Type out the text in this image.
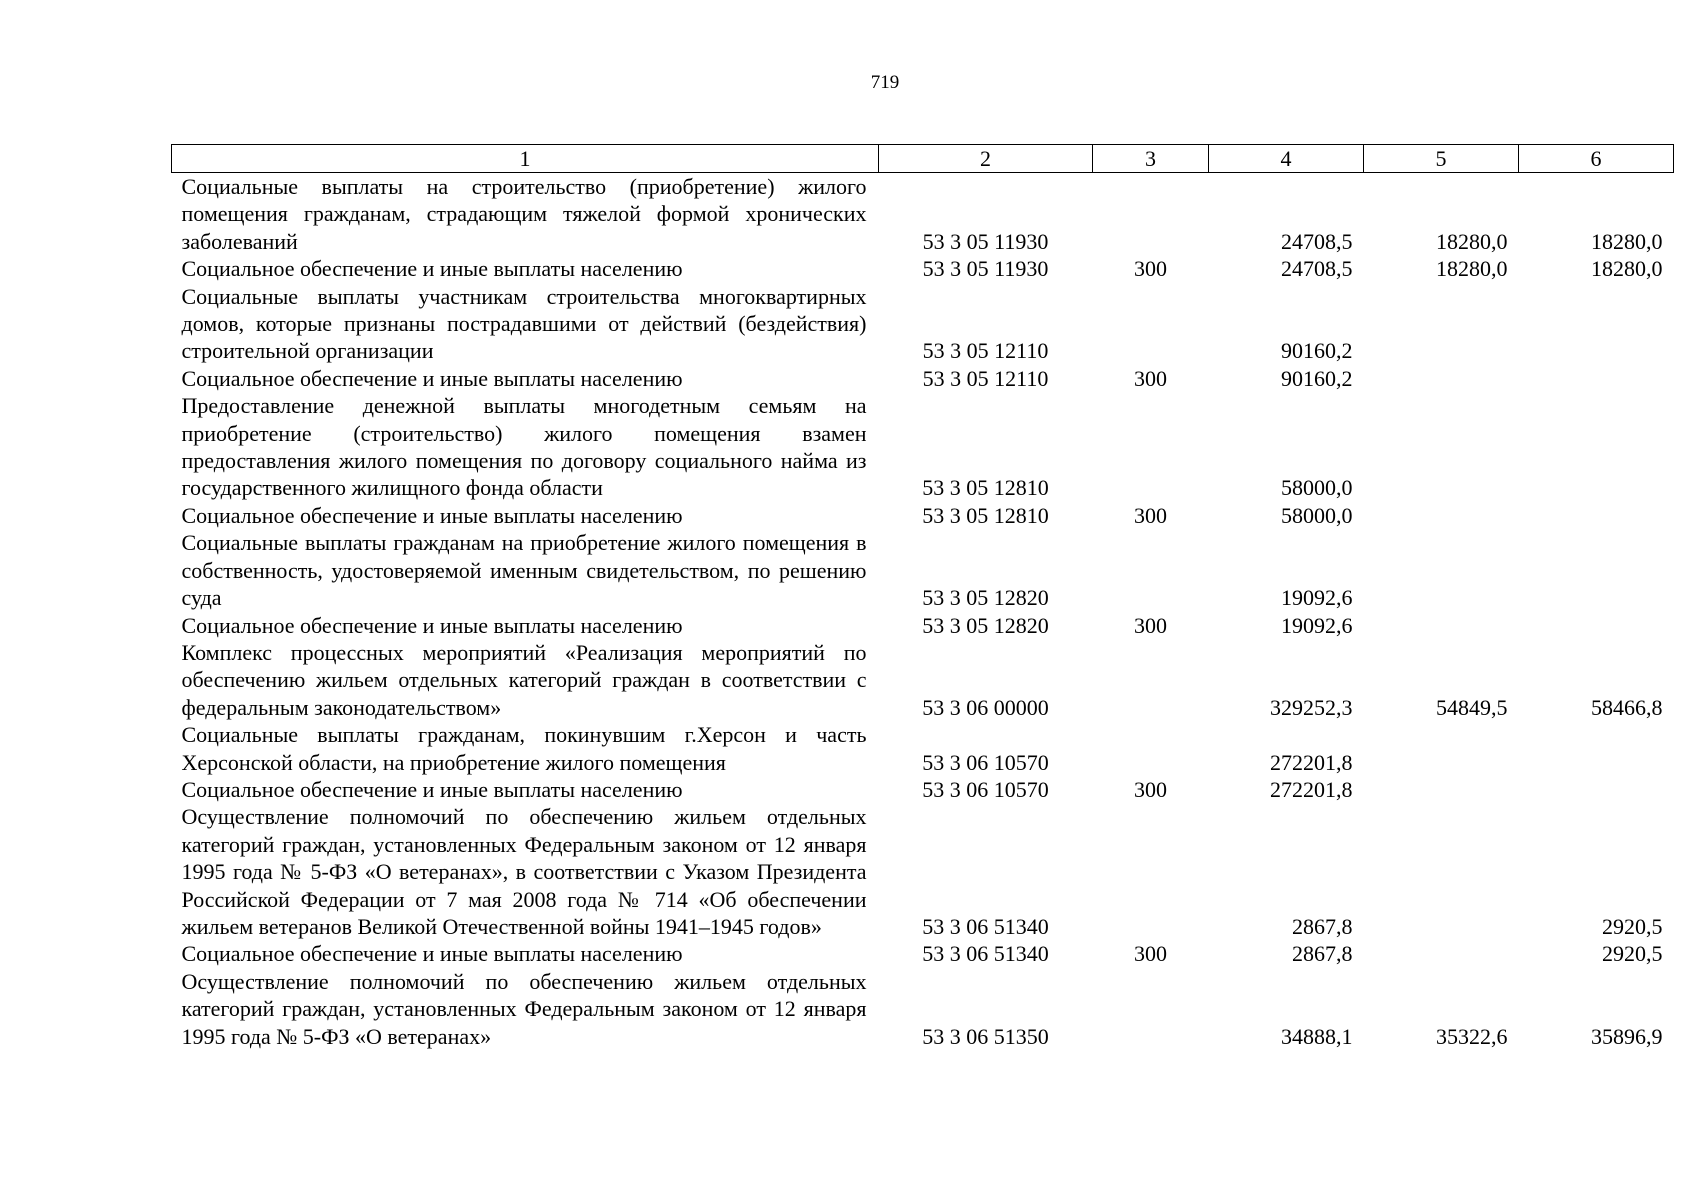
719
1	2	3	4	5	6
Социальные выплаты на строительство (приобретение) жилого помещения гражданам, страдающим тяжелой формой хронических заболеваний	53 3 05 11930		24708,5	18280,0	18280,0
Социальное обеспечение и иные выплаты населению	53 3 05 11930	300	24708,5	18280,0	18280,0
Социальные выплаты участникам строительства многоквартирных домов, которые признаны пострадавшими от действий (бездействия) строительной организации	53 3 05 12110		90160,2		
Социальное обеспечение и иные выплаты населению	53 3 05 12110	300	90160,2		
Предоставление денежной выплаты многодетным семьям на приобретение (строительство) жилого помещения взамен предоставления жилого помещения по договору социального найма из государственного жилищного фонда области	53 3 05 12810		58000,0		
Социальное обеспечение и иные выплаты населению	53 3 05 12810	300	58000,0		
Социальные выплаты гражданам на приобретение жилого помещения в собственность, удостоверяемой именным свидетельством, по решению суда	53 3 05 12820		19092,6		
Социальное обеспечение и иные выплаты населению	53 3 05 12820	300	19092,6		
Комплекс процессных мероприятий «Реализация мероприятий по обеспечению жильем отдельных категорий граждан в соответствии с федеральным законодательством»	53 3 06 00000		329252,3	54849,5	58466,8
Социальные выплаты гражданам, покинувшим г.Херсон и часть Херсонской области, на приобретение жилого помещения	53 3 06 10570		272201,8		
Социальное обеспечение и иные выплаты населению	53 3 06 10570	300	272201,8		
Осуществление полномочий по обеспечению жильем отдельных категорий граждан, установленных Федеральным законом от 12 января 1995 года № 5-ФЗ «О ветеранах», в соответствии с Указом Президента Российской Федерации от 7 мая 2008 года № 714 «Об обеспечении жильем ветеранов Великой Отечественной войны 1941–1945 годов»	53 3 06 51340		2867,8		2920,5
Социальное обеспечение и иные выплаты населению	53 3 06 51340	300	2867,8		2920,5
Осуществление полномочий по обеспечению жильем отдельных категорий граждан, установленных Федеральным законом от 12 января 1995 года № 5-ФЗ «О ветеранах»	53 3 06 51350		34888,1	35322,6	35896,9
